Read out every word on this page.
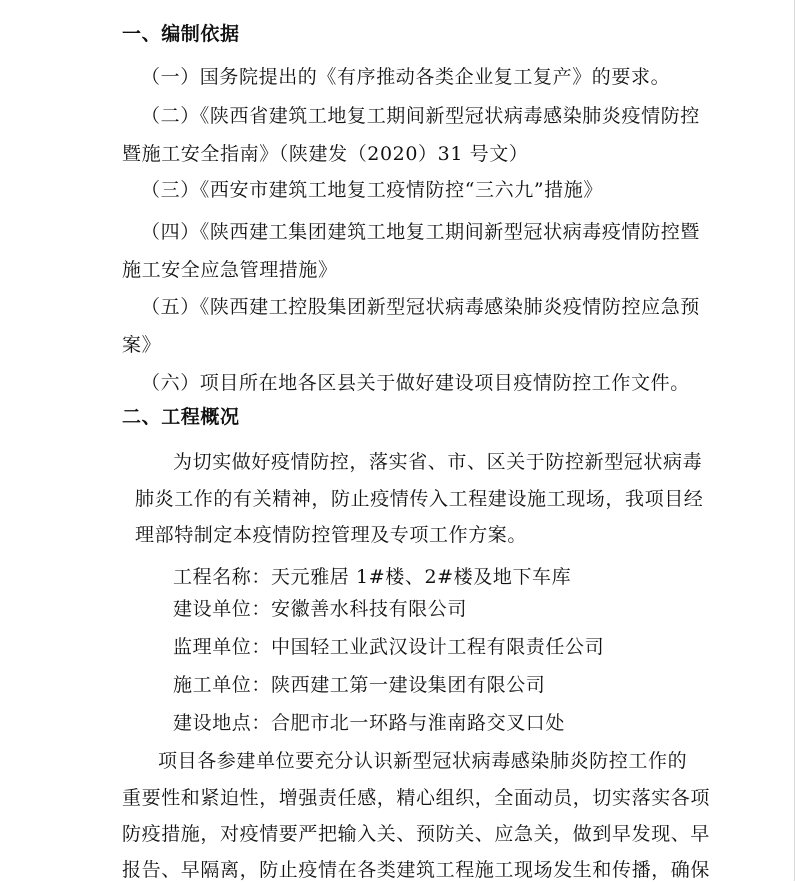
一、编制依据
（一）国务院提出的《有序推动各类企业复工复产》的要求。
（二）《陕西省建筑工地复工期间新型冠状病毒感染肺炎疫情防控
暨施工安全指南》（陕建发（2020）31 号文）
（三）《西安市建筑工地复工疫情防控“三六九”措施》
（四）《陕西建工集团建筑工地复工期间新型冠状病毒疫情防控暨
施工安全应急管理措施》
（五）《陕西建工控股集团新型冠状病毒感染肺炎疫情防控应急预
案》
（六）项目所在地各区县关于做好建设项目疫情防控工作文件。
二、工程概况
为切实做好疫情防控，落实省、市、区关于防控新型冠状病毒
肺炎工作的有关精神，防止疫情传入工程建设施工现场，我项目经
理部特制定本疫情防控管理及专项工作方案。
工程名称：天元雅居 1#楼、2#楼及地下车库
建设单位：安徽善水科技有限公司
监理单位：中国轻工业武汉设计工程有限责任公司
施工单位：陕西建工第一建设集团有限公司
建设地点：合肥市北一环路与淮南路交叉口处
项目各参建单位要充分认识新型冠状病毒感染肺炎防控工作的
重要性和紧迫性，增强责任感，精心组织，全面动员，切实落实各项
防疫措施，对疫情要严把输入关、预防关、应急关，做到早发现、早
报告、早隔离，防止疫情在各类建筑工程施工现场发生和传播，确保
